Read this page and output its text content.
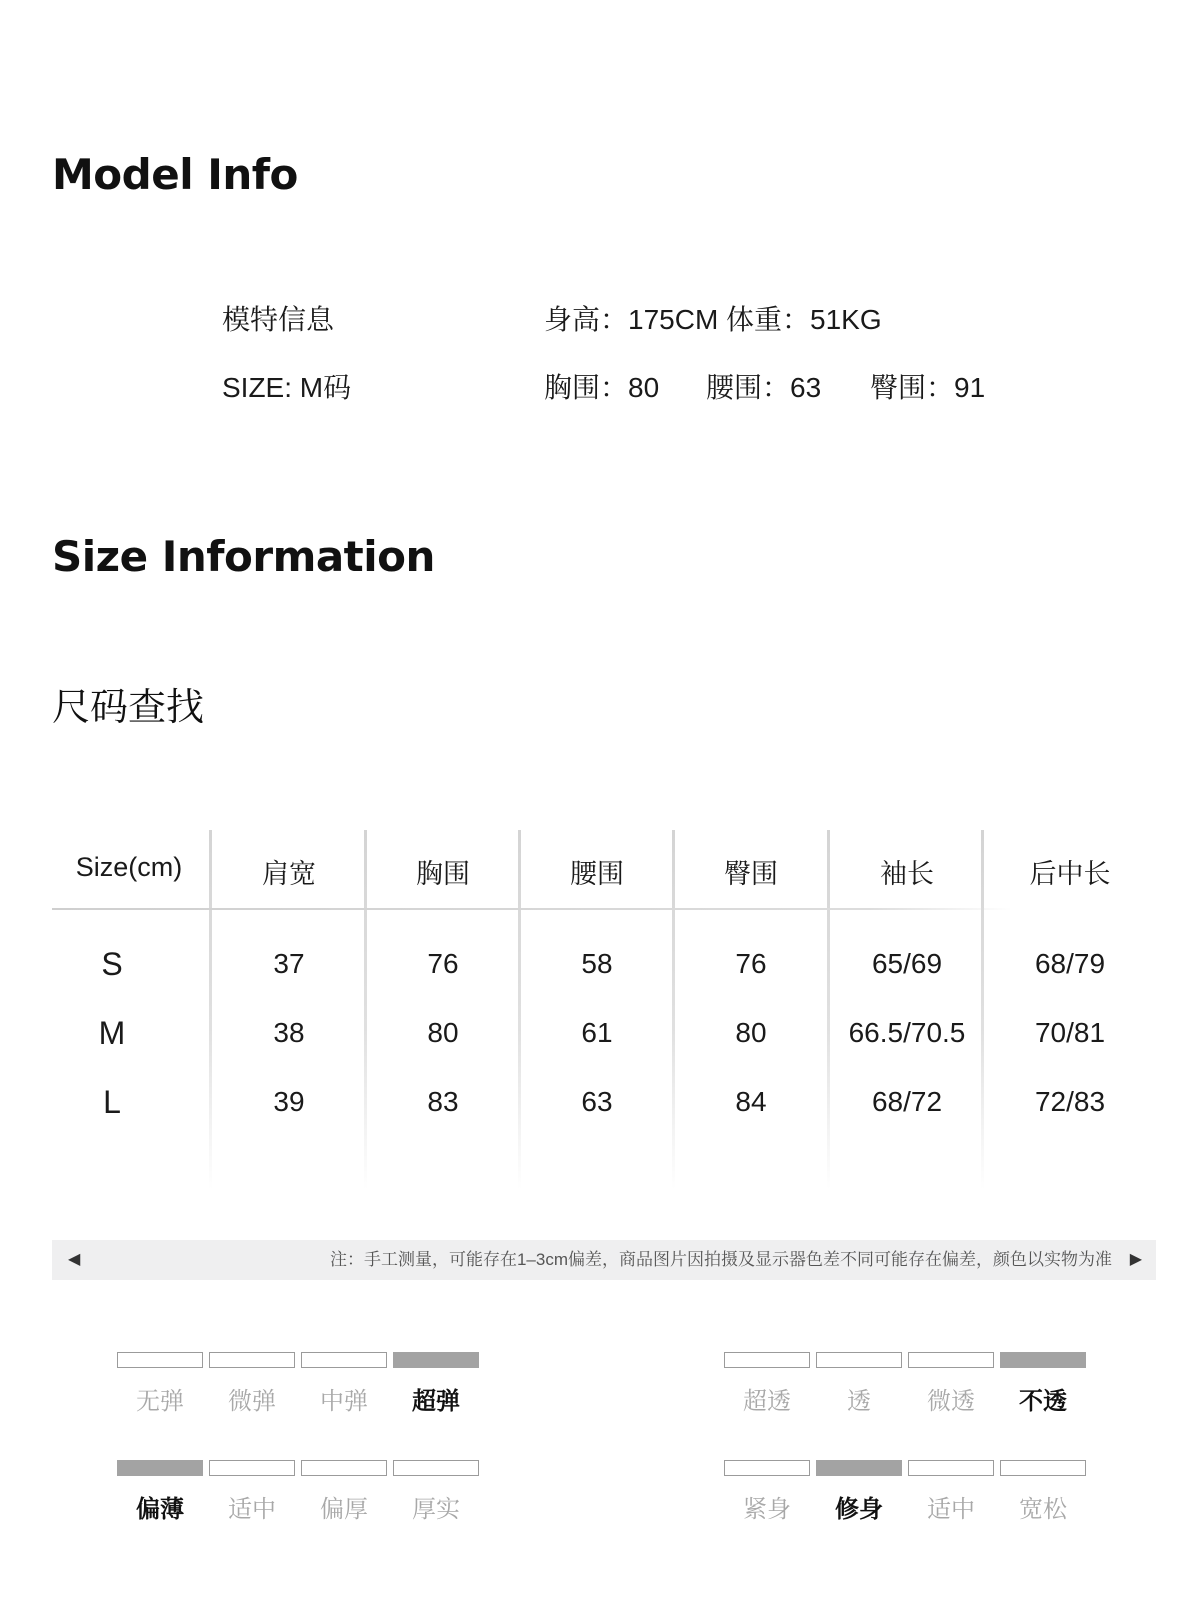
Model Info
模特信息	身高：175CM 体重：51KG
SIZE: M码	胸围：80 腰围：63 臀围：91
Size Information
尺码查找
Size(cm)	肩宽	胸围	腰围	臀围	袖长	后中长
S	37	76	58	76	65/69	68/79
M	38	80	61	80	66.5/70.5	70/81
L	39	83	63	84	68/72	72/83
◀	注：手工测量，可能存在1–3cm偏差，商品图片因拍摄及显示器色差不同可能存在偏差，颜色以实物为准 ▶
无弹	微弹	中弹	超弹	超透	透	微透	不透
偏薄	适中	偏厚	厚实	紧身	修身	适中	宽松
